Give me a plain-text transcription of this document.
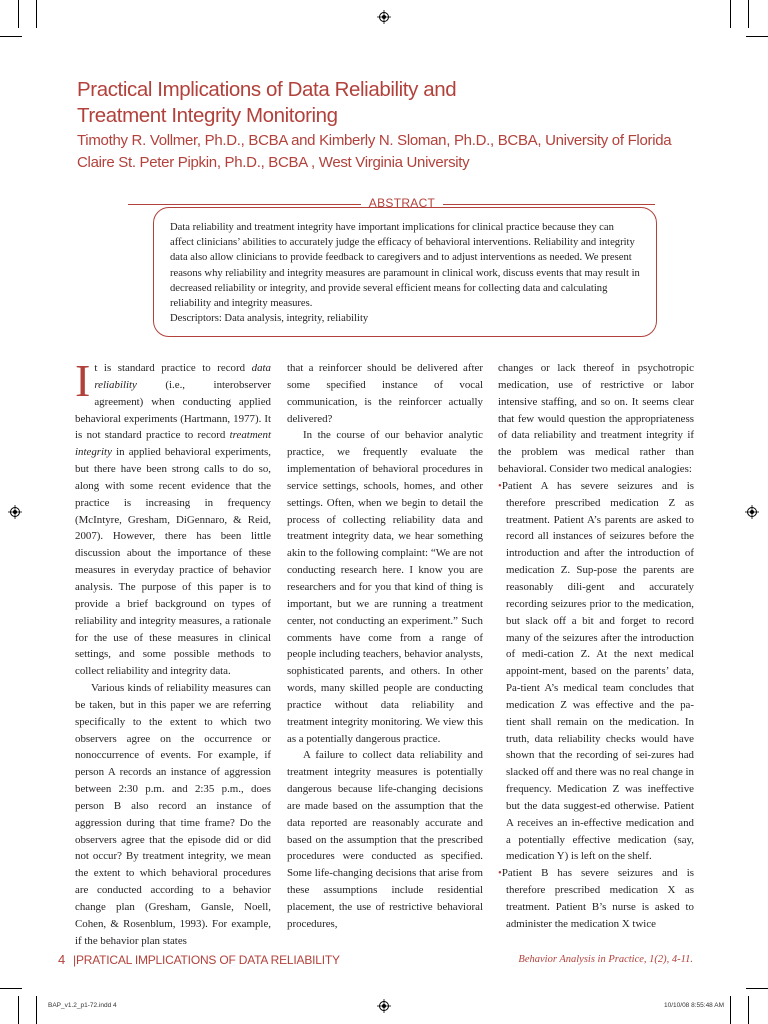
Practical Implications of Data Reliability and
Treatment Integrity Monitoring
Timothy R. Vollmer, Ph.D., BCBA and Kimberly N. Sloman, Ph.D., BCBA, University of Florida
Claire St. Peter Pipkin, Ph.D., BCBA , West Virginia University
ABSTRACT
Data reliability and treatment integrity have important implications for clinical practice because they can affect clinicians’ abilities to accurately judge the efficacy of behavioral interventions. Reliability and integrity data also allow clinicians to provide feedback to caregivers and to adjust interventions as needed. We present reasons why reliability and integrity measures are paramount in clinical work, discuss events that may result in decreased reliability or integrity, and provide several efficient means for collecting data and calculating reliability and integrity measures.
Descriptors: Data analysis, integrity, reliability

It is standard practice to record data reliability (i.e., interobserver agreement) when conducting applied behavioral experiments (Hartmann, 1977). It is not standard practice to record treatment integrity in applied behavioral experiments, but there have been strong calls to do so, along with some recent evidence that the practice is increasing in frequency (McIntyre, Gresham, DiGennaro, & Reid, 2007). However, there has been little discussion about the importance of these measures in everyday practice of behavior analysis. The purpose of this paper is to provide a brief background on types of reliability and integrity measures, a rationale for the use of these measures in clinical settings, and some possible methods to collect reliability and integrity data.

Various kinds of reliability measures can be taken, but in this paper we are referring specifically to the extent to which two observers agree on the occurrence or nonoccurrence of events. For example, if person A records an instance of aggression between 2:30 p.m. and 2:35 p.m., does person B also record an instance of aggression during that time frame? Do the observers agree that the episode did or did not occur? By treatment integrity, we mean the extent to which behavioral procedures are conducted according to a behavior change plan (Gresham, Gansle, Noell, Cohen, & Rosenblum, 1993). For example, if the behavior plan states

that a reinforcer should be delivered after some specified instance of vocal communication, is the reinforcer actually delivered?

In the course of our behavior analytic practice, we frequently evaluate the implementation of behavioral procedures in service settings, schools, homes, and other settings. Often, when we begin to detail the process of collecting reliability data and treatment integrity data, we hear something akin to the following complaint: “We are not conducting research here. I know you are researchers and for you that kind of thing is important, but we are running a treatment center, not conducting an experiment.” Such comments have come from a range of people including teachers, behavior analysts, sophisticated parents, and others. In other words, many skilled people are conducting practice without data reliability and treatment integrity monitoring. We view this as a potentially dangerous practice.

A failure to collect data reliability and treatment integrity measures is potentially dangerous because life-changing decisions are made based on the assumption that the data reported are reasonably accurate and based on the assumption that the prescribed procedures were conducted as specified. Some life-changing decisions that arise from these assumptions include residential placement, the use of restrictive behavioral procedures,

changes or lack thereof in psychotropic medication, use of restrictive or labor intensive staffing, and so on. It seems clear that few would question the appropriateness of data reliability and treatment integrity if the problem was medical rather than behavioral. Consider two medical analogies:

•Patient A has severe seizures and is therefore prescribed medication Z as treatment. Patient A’s parents are asked to record all instances of seizures before the introduction and after the introduction of medication Z. Sup-pose the parents are reasonably dili-gent and accurately recording seizures prior to the medication, but slack off a bit and forget to record many of the seizures after the introduction of medi-cation Z. At the next medical appoint-ment, based on the parents’ data, Pa-tient A’s medical team concludes that medication Z was effective and the pa-tient shall remain on the medication. In truth, data reliability checks would have shown that the recording of sei-zures had slacked off and there was no real change in frequency. Medication Z was ineffective but the data suggest-ed otherwise. Patient A receives an in-effective medication and a potentially effective medication (say, medication Y) is left on the shelf.

•Patient B has severe seizures and is therefore prescribed medication X as treatment. Patient B’s nurse is asked to administer the medication X twice

4 |PRATICAL IMPLICATIONS OF DATA RELIABILITY	Behavior Analysis in Practice, 1(2), 4-11.
BAP_v1.2_p1-72.indd 4	10/10/08 8:55:48 AM
